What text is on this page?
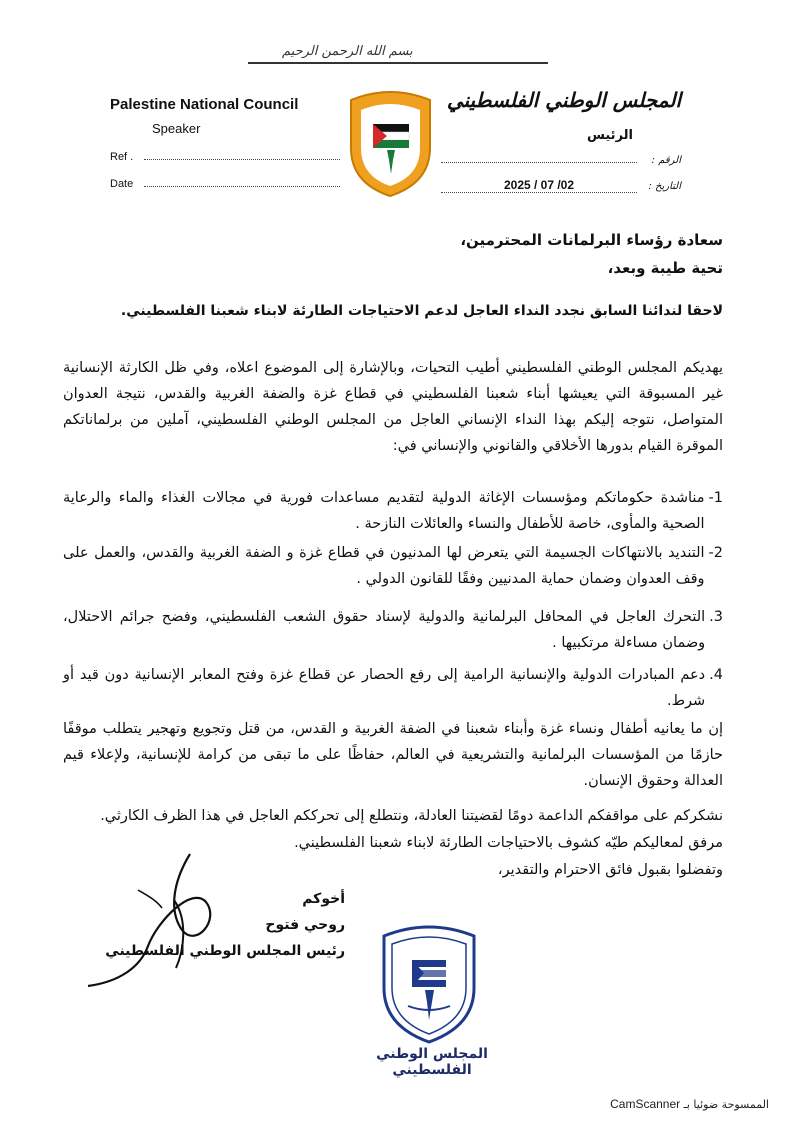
بسم الله الرحمن الرحيم
Palestine National Council
Speaker
Ref .
Date
المجلس الوطني الفلسطيني
الرئيس
الرقم :
التاريخ :
2025 / 07 /02
سعادة رؤساء البرلمانات المحترمين،
تحية طيبة وبعد،
لاحقا لندائنا السابق نجدد النداء العاجل لدعم الاحتياجات الطارئة لابناء شعبنا الفلسطيني.
يهديكم المجلس الوطني الفلسطيني أطيب التحيات، وبالإشارة إلى الموضوع اعلاه، وفي ظل الكارثة الإنسانية غير المسبوقة التي يعيشها أبناء شعبنا الفلسطيني في قطاع غزة والضفة الغربية والقدس، نتيجة العدوان المتواصل، نتوجه إليكم بهذا النداء الإنساني العاجل من المجلس الوطني الفلسطيني، آملين من برلماناتكم الموقرة القيام بدورها الأخلاقي والقانوني والإنساني في:
1-
مناشدة حكوماتكم ومؤسسات الإغاثة الدولية لتقديم مساعدات فورية في مجالات الغذاء والماء والرعاية الصحية والمأوى، خاصة للأطفال والنساء والعائلات النازحة .
2-
التنديد بالانتهاكات الجسيمة التي يتعرض لها المدنيون في قطاع غزة و الضفة الغربية والقدس، والعمل على وقف العدوان وضمان حماية المدنيين وفقًا للقانون الدولي .
3.
التحرك العاجل في المحافل البرلمانية والدولية لإسناد حقوق الشعب الفلسطيني، وفضح جرائم الاحتلال، وضمان مساءلة مرتكبيها .
4.
دعم المبادرات الدولية والإنسانية الرامية إلى رفع الحصار عن قطاع غزة وفتح المعابر الإنسانية دون قيد أو شرط.
إن ما يعانيه أطفال ونساء غزة وأبناء شعبنا في الضفة الغربية و القدس، من قتل وتجويع وتهجير يتطلب موقفًا حازمًا من المؤسسات البرلمانية والتشريعية في العالم، حفاظًا على ما تبقى من كرامة للإنسانية، ولإعلاء قيم العدالة وحقوق الإنسان.
نشكركم على مواقفكم الداعمة دومًا لقضيتنا العادلة، ونتطلع إلى تحرككم العاجل في هذا الظرف الكارثي.
مرفق لمعاليكم طيّه كشوف بالاحتياجات الطارئة لابناء شعبنا الفلسطيني.
وتفضلوا بقبول فائق الاحترام والتقدير،
أخوكم
روحي فتوح
رئيس المجلس الوطني الفلسطيني
المجلس الوطني الفلسطيني
الممسوحة ضوئيا بـ CamScanner
